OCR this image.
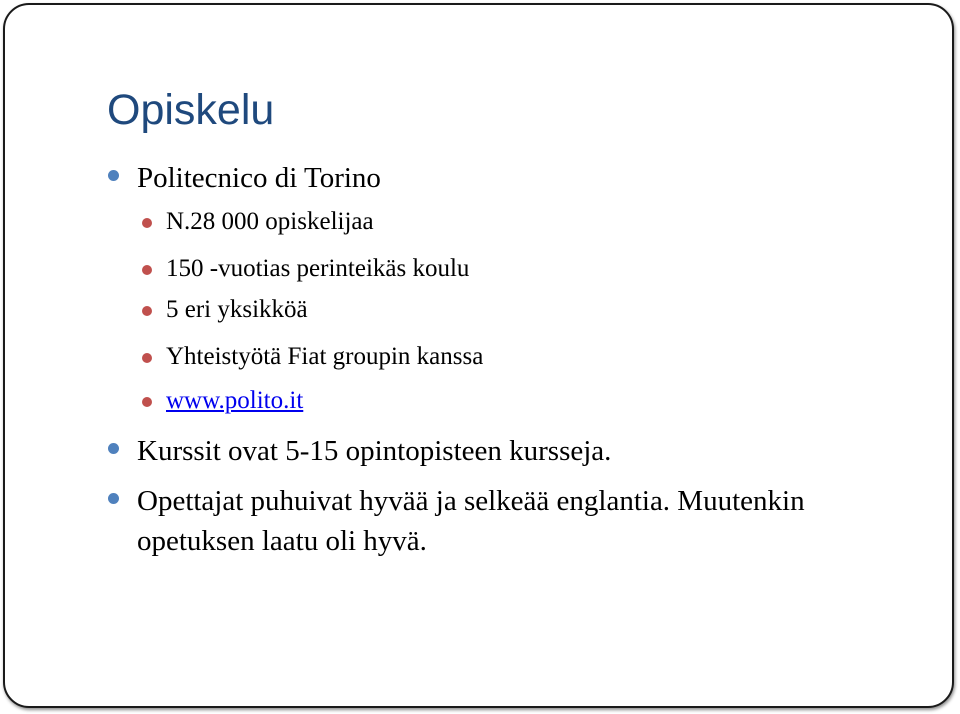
Opiskelu

Politecnico di Torino

N.28 000 opiskelijaa

150 -vuotias perinteikäs koulu

5 eri yksikköä

Yhteistyötä Fiat groupin kanssa

www.polito.it

Kurssit ovat 5-15 opintopisteen kursseja.

Opettajat puhuivat hyvää ja selkeää englantia. Muutenkin opetuksen laatu oli hyvä.
